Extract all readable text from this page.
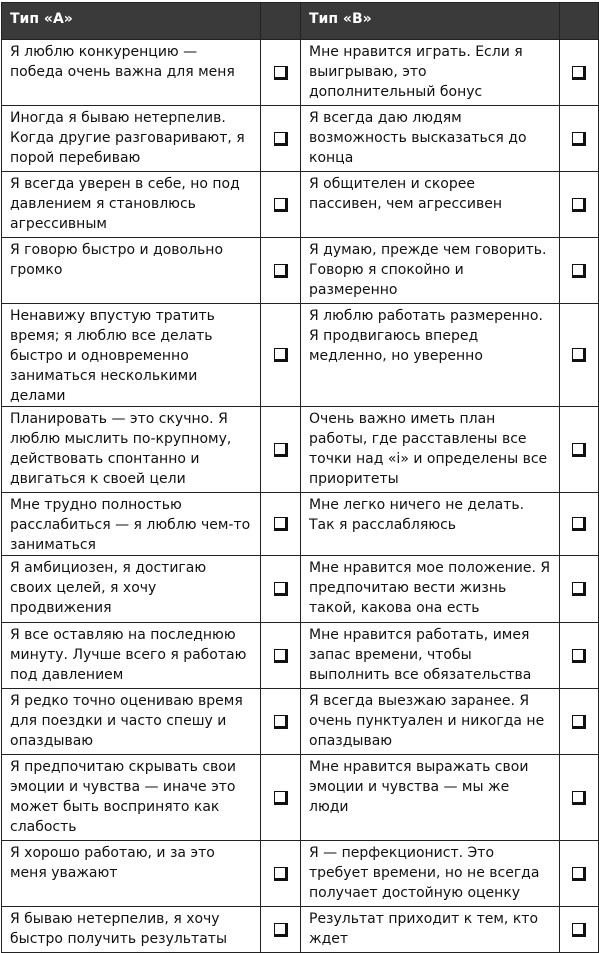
Тип «А»		Тип «В»	
Я люблю конкуренцию — победа очень важна для меня		Мне нравится играть. Если я выигрываю, это дополнительный бонус	
Иногда я бываю нетерпелив. Когда другие разговаривают, я порой перебиваю		Я всегда даю людям возможность высказаться до конца	
Я всегда уверен в себе, но под давлением я становлюсь агрессивным		Я общителен и скорее пассивен, чем агрессивен	
Я говорю быстро и довольно громко		Я думаю, прежде чем говорить. Говорю я спокойно и размеренно	
Ненавижу впустую тратить время; я люблю все делать быстро и одновременно заниматься несколькими делами		Я люблю работать размеренно. Я продвигаюсь вперед медленно, но уверенно	
Планировать — это скучно. Я люблю мыслить по-крупному, действовать спонтанно и двигаться к своей цели		Очень важно иметь план работы, где расставлены все точки над «i» и определены все приоритеты	
Мне трудно полностью расслабиться — я люблю чем-то заниматься		Мне легко ничего не делать. Так я расслабляюсь	
Я амбициозен, я достигаю своих целей, я хочу продвижения		Мне нравится мое положение. Я предпочитаю вести жизнь такой, какова она есть	
Я все оставляю на последнюю минуту. Лучше всего я работаю под давлением		Мне нравится работать, имея запас времени, чтобы выполнить все обязательства	
Я редко точно оцениваю время для поездки и часто спешу и опаздываю		Я всегда выезжаю заранее. Я очень пунктуален и никогда не опаздываю	
Я предпочитаю скрывать свои эмоции и чувства — иначе это может быть воспринято как слабость		Мне нравится выражать свои эмоции и чувства — мы же люди	
Я хорошо работаю, и за это меня уважают		Я — перфекционист. Это требует времени, но не всегда получает достойную оценку	
Я бываю нетерпелив, я хочу быстро получить результаты		Результат приходит к тем, кто ждет	
